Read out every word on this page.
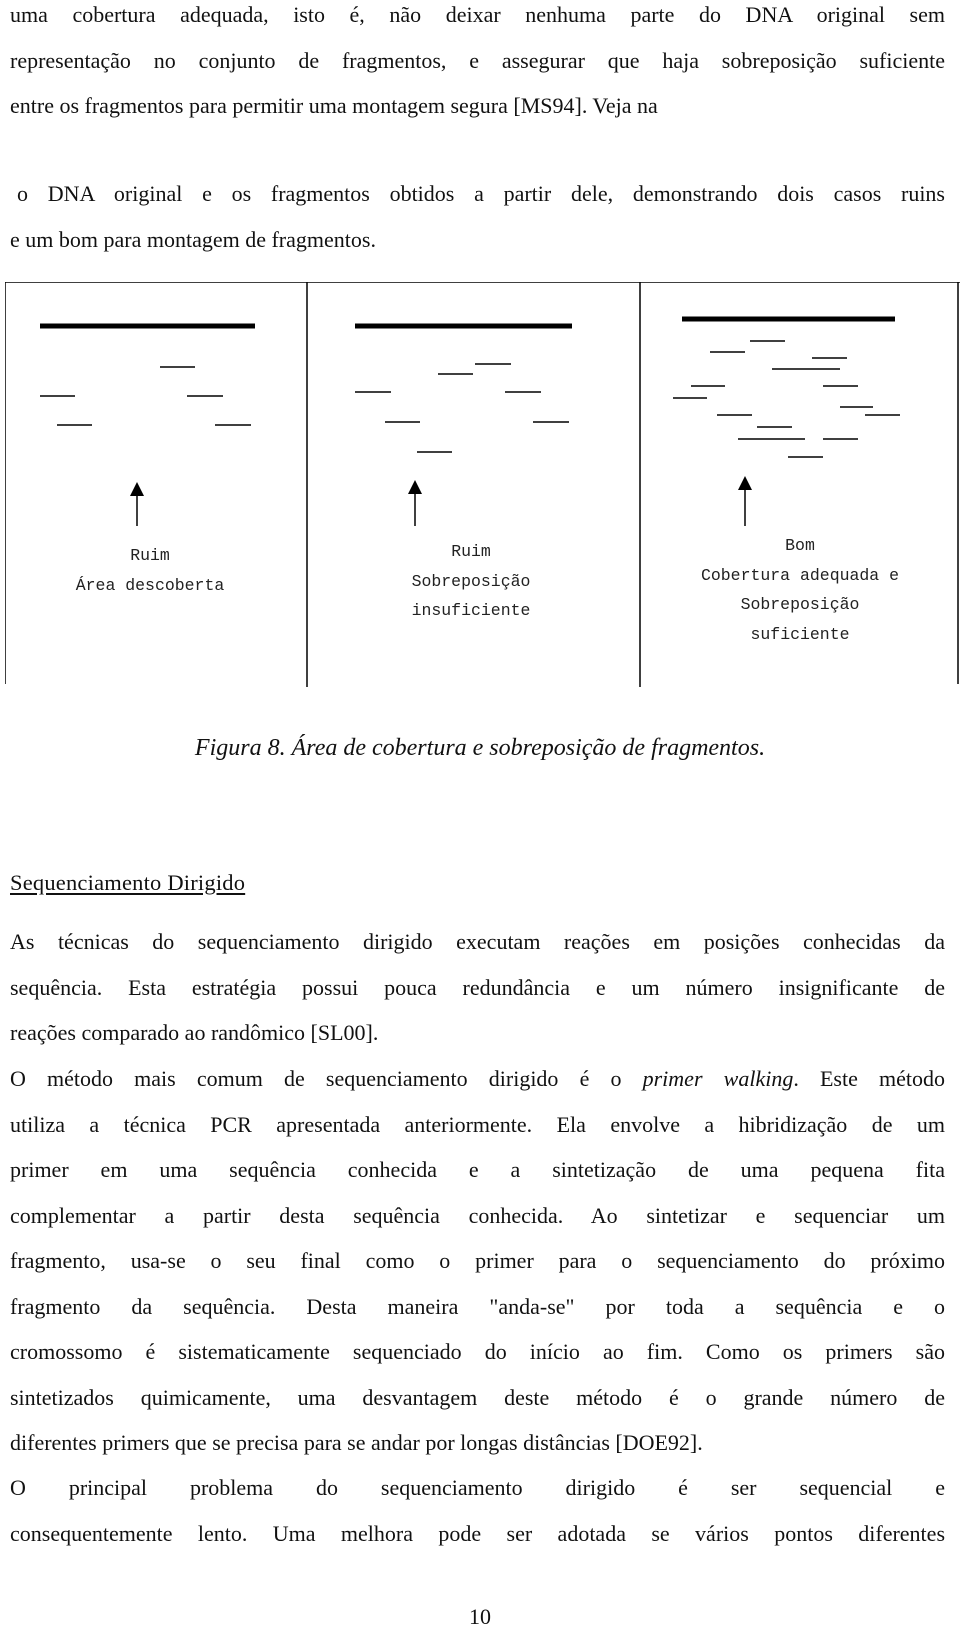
uma cobertura adequada, isto é, não deixar nenhuma parte do DNA original sem
representação no conjunto de fragmentos, e assegurar que haja sobreposição suficiente
entre os fragmentos para permitir uma montagem segura [MS94]. Veja na
o DNA original e os fragmentos obtidos a partir dele, demonstrando dois casos ruins
e um bom para montagem de fragmentos.
Ruim
Área descoberta
Ruim
Sobreposição
insuficiente
Bom
Cobertura adequada e
Sobreposição
suficiente
Figura 8. Área de cobertura e sobreposição de fragmentos.
Sequenciamento Dirigido
As técnicas do sequenciamento dirigido executam reações em posições conhecidas da
sequência. Esta estratégia possui pouca redundância e um número insignificante de
reações comparado ao randômico [SL00].
O método mais comum de sequenciamento dirigido é o primer walking. Este método
utiliza a técnica PCR apresentada anteriormente. Ela envolve a hibridização de um
primer em uma sequência conhecida e a sintetização de uma pequena fita
complementar a partir desta sequência conhecida. Ao sintetizar e sequenciar um
fragmento, usa-se o seu final como o primer para o sequenciamento do próximo
fragmento da sequência. Desta maneira "anda-se" por toda a sequência e o
cromossomo é sistematicamente sequenciado do início ao fim. Como os primers são
sintetizados quimicamente, uma desvantagem deste método é o grande número de
diferentes primers que se precisa para se andar por longas distâncias [DOE92].
O principal problema do sequenciamento dirigido é ser sequencial e
consequentemente lento. Uma melhora pode ser adotada se vários pontos diferentes
10
